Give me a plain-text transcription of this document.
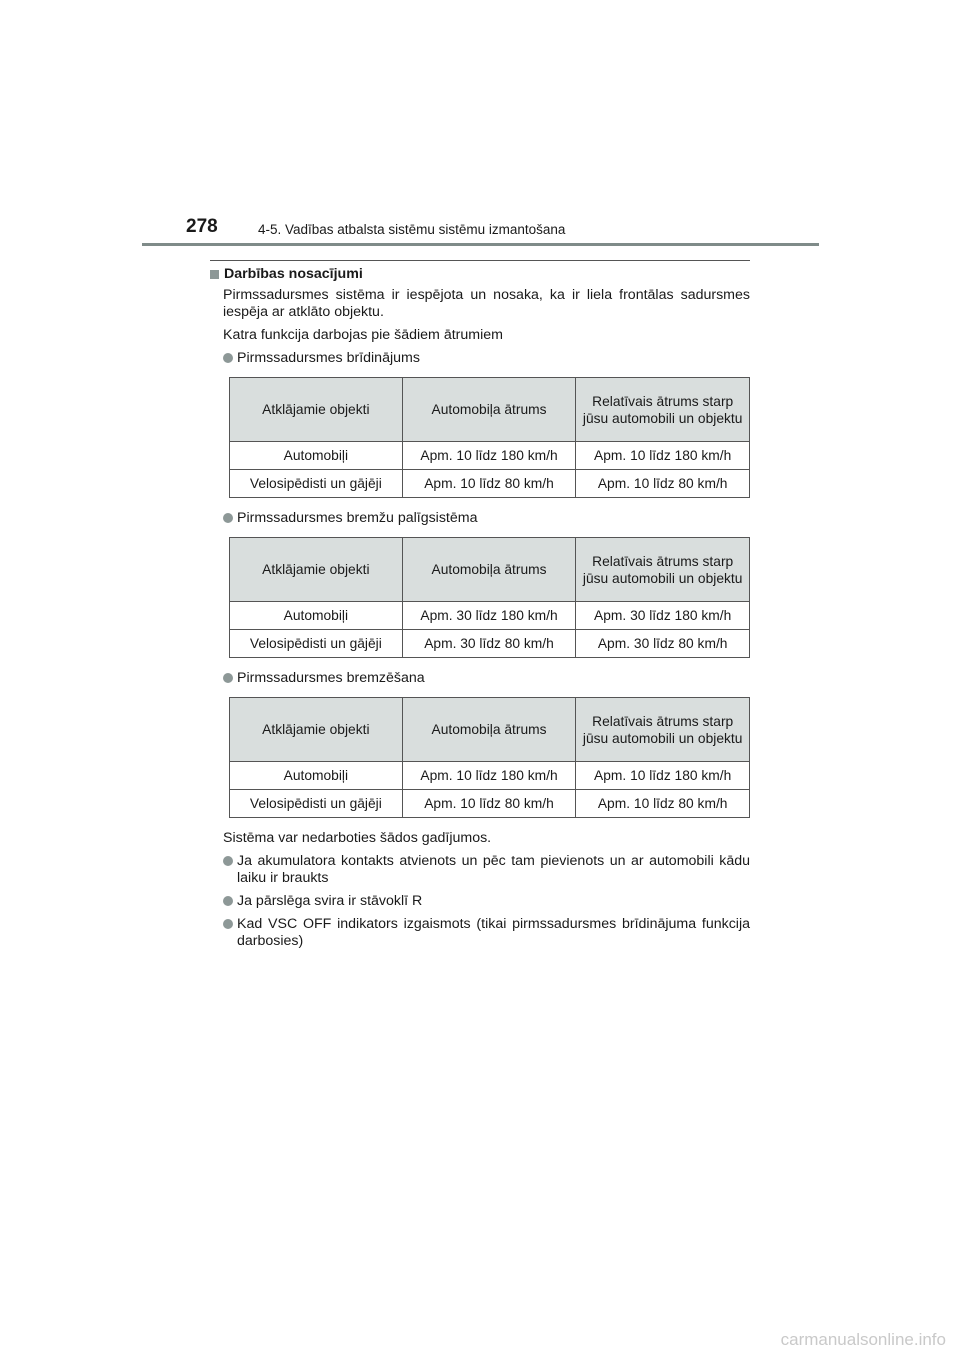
278	4-5. Vadības atbalsta sistēmu sistēmu izmantošana
Darbības nosacījumi

Pirmssadursmes sistēma ir iespējota un nosaka, ka ir liela frontālas sadursmes iespēja ar atklāto objektu.

Katra funkcija darbojas pie šādiem ātrumiem

Pirmssadursmes brīdinājums
Atklājamie objekti	Automobiļa ātrums	Relatīvais ātrums starp jūsu automobili un objektu
Automobiļi	Apm. 10 līdz 180 km/h	Apm. 10 līdz 180 km/h
Velosipēdisti un gājēji	Apm. 10 līdz 80 km/h	Apm. 10 līdz 80 km/h
Pirmssadursmes bremžu palīgsistēma
Atklājamie objekti	Automobiļa ātrums	Relatīvais ātrums starp jūsu automobili un objektu
Automobiļi	Apm. 30 līdz 180 km/h	Apm. 30 līdz 180 km/h
Velosipēdisti un gājēji	Apm. 30 līdz 80 km/h	Apm. 30 līdz 80 km/h
Pirmssadursmes bremzēšana
Atklājamie objekti	Automobiļa ātrums	Relatīvais ātrums starp jūsu automobili un objektu
Automobiļi	Apm. 10 līdz 180 km/h	Apm. 10 līdz 180 km/h
Velosipēdisti un gājēji	Apm. 10 līdz 80 km/h	Apm. 10 līdz 80 km/h

Sistēma var nedarboties šādos gadījumos.

Ja akumulatora kontakts atvienots un pēc tam pievienots un ar automobili kādu laiku ir braukts
Ja pārslēga svira ir stāvoklī R
Kad VSC OFF indikators izgaismots (tikai pirmssadursmes brīdinājuma funkcija darbosies)
carmanualsonline.info
